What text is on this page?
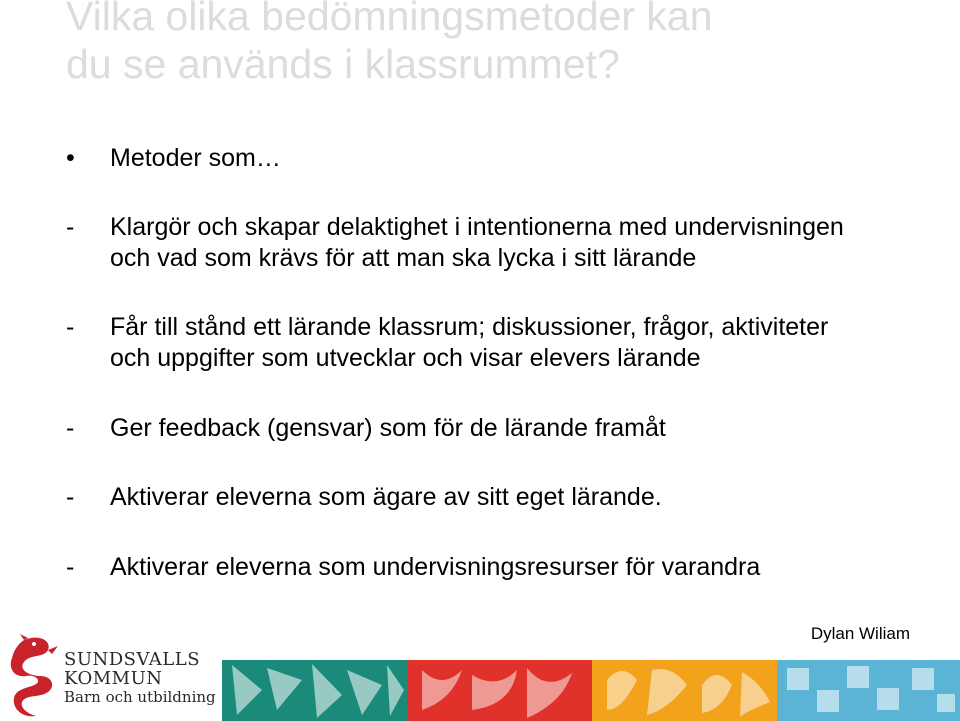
Vilka olika bedömningsmetoder kan
du se används i klassrummet?
• Metoder som…
- Klargör och skapar delaktighet i intentionerna med undervisningen
och vad som krävs för att man ska lycka i sitt lärande
- Får till stånd ett lärande klassrum; diskussioner, frågor, aktiviteter
och uppgifter som utvecklar och visar elevers lärande
- Ger feedback (gensvar) som för de lärande framåt
- Aktiverar eleverna som ägare av sitt eget lärande.
- Aktiverar eleverna som undervisningsresurser för varandra
Dylan Wiliam
SUNDSVALLS
KOMMUN
Barn och utbildning
